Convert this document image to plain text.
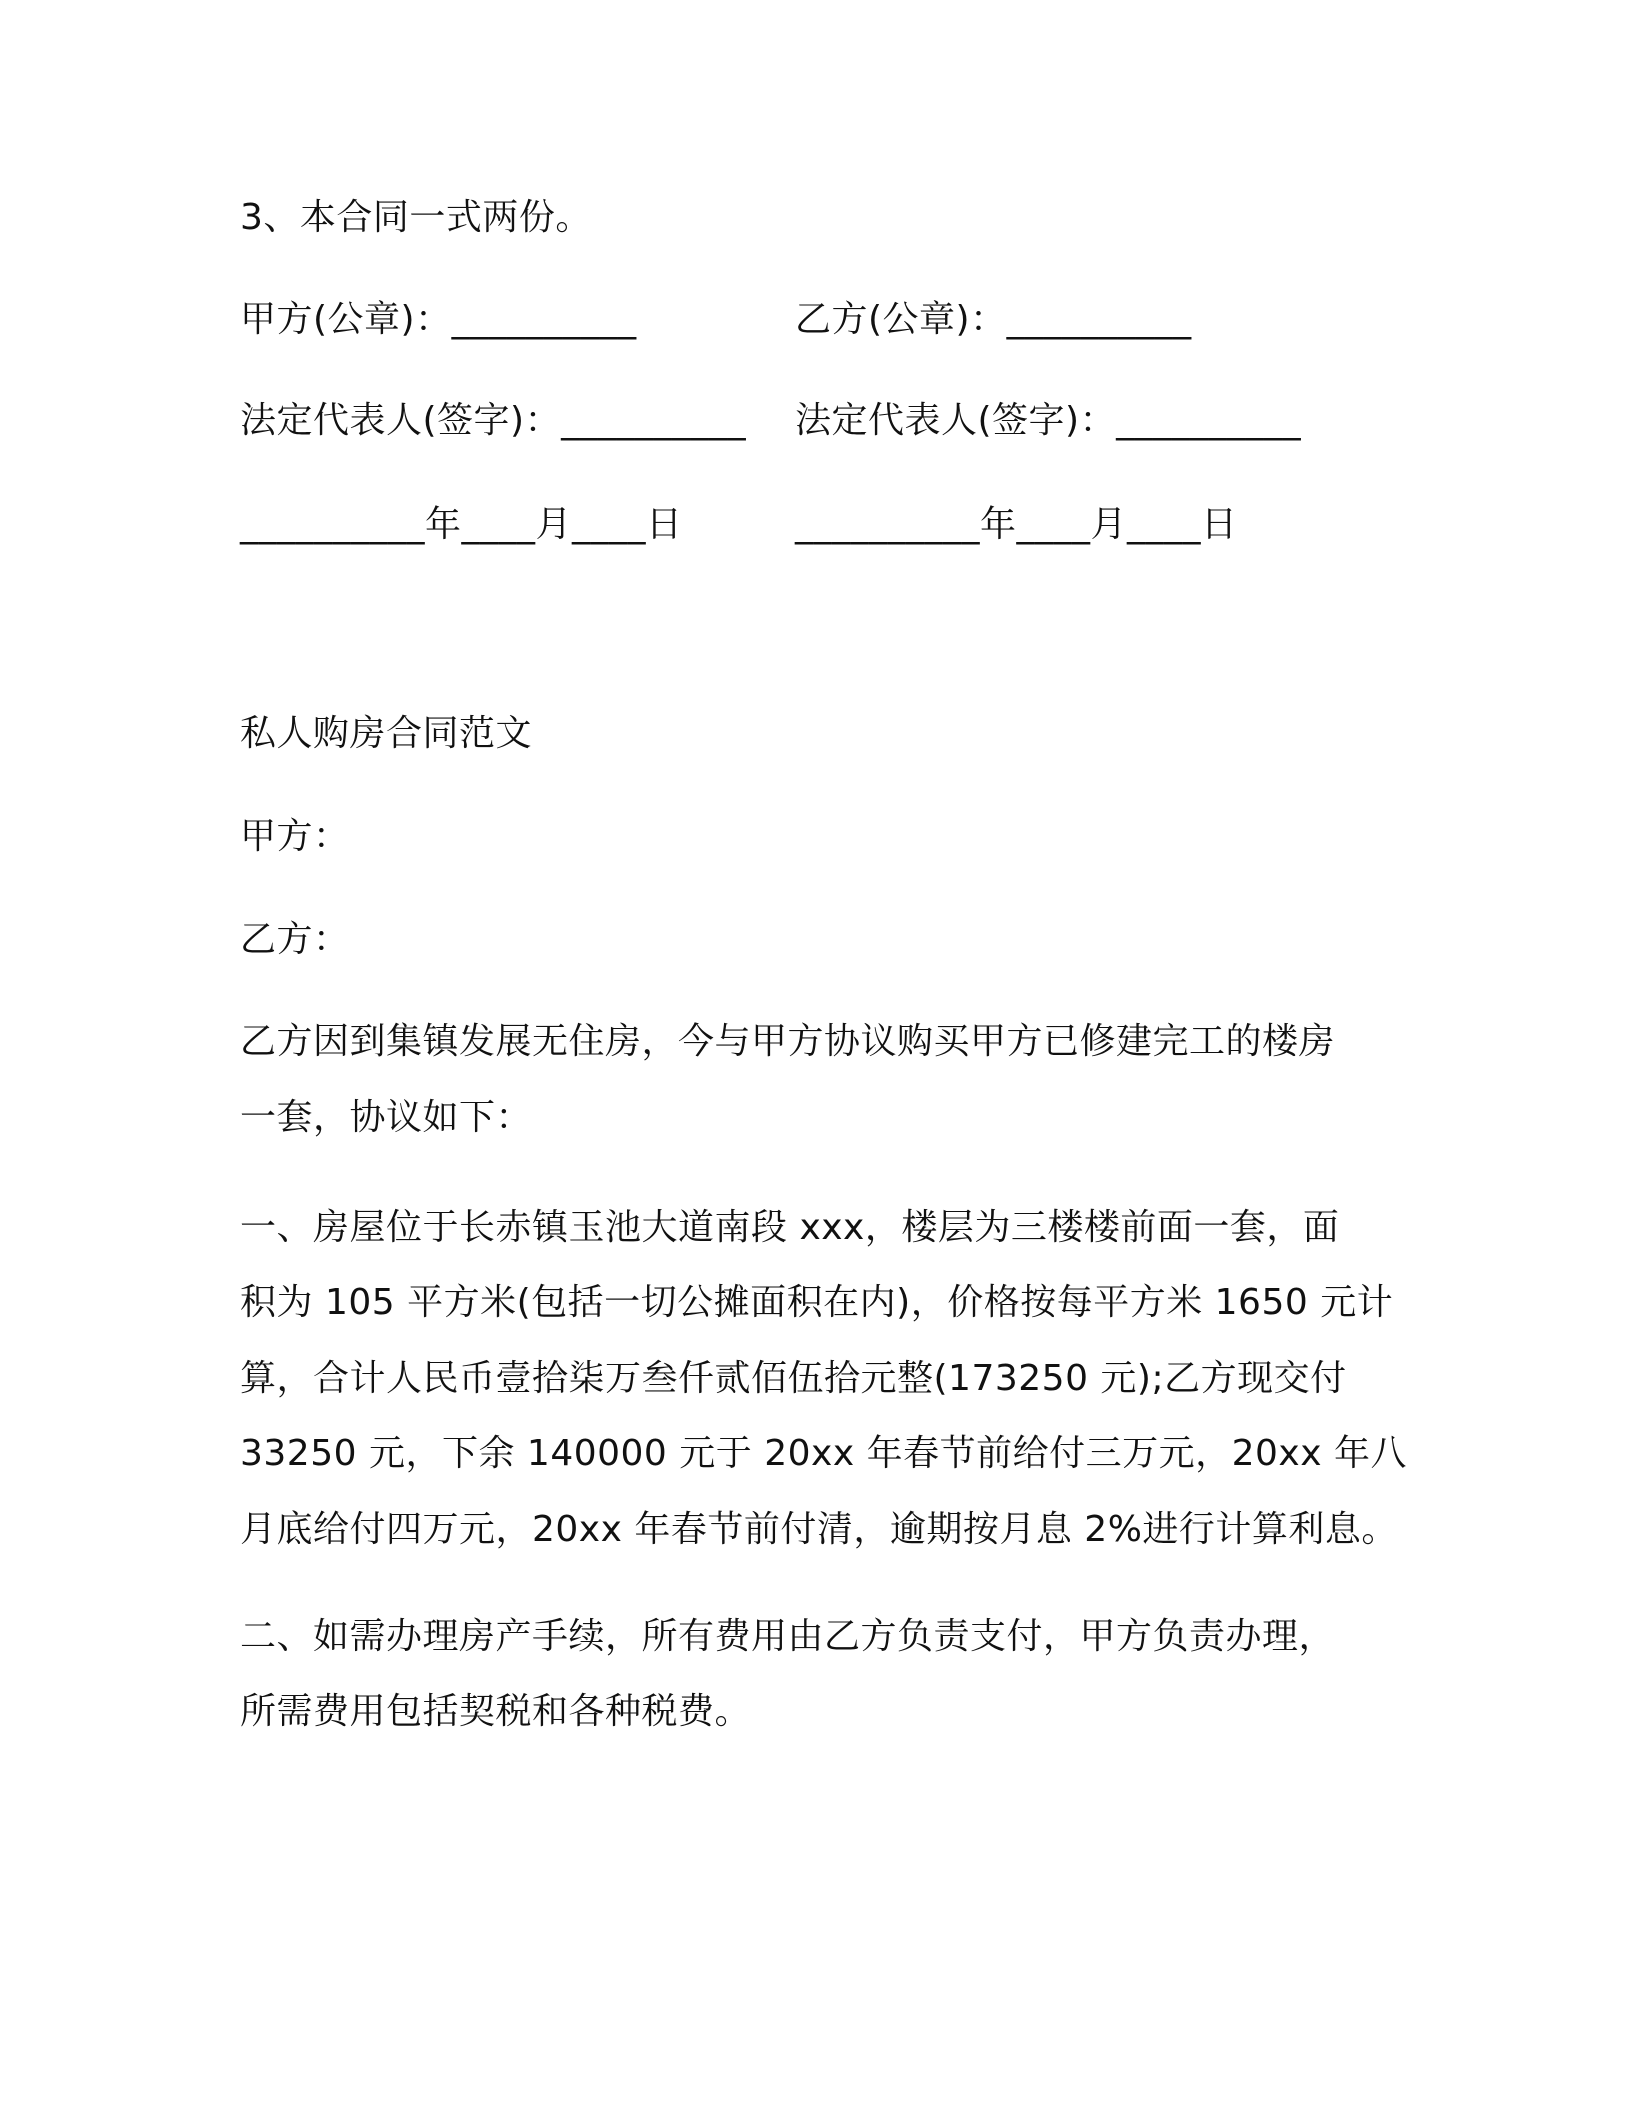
3、本合同一式两份。
甲方(公章)：__________	乙方(公章)：__________
法定代表人(签字)：__________ 法定代表人(签字)：__________
__________年____月____日	__________年____月____日
私人购房合同范文
甲方：
乙方：
乙方因到集镇发展无住房，今与甲方协议购买甲方已修建完工的楼房
一套，协议如下：
一、房屋位于长赤镇玉池大道南段 xxx，楼层为三楼楼前面一套，面
积为 105 平方米(包括一切公摊面积在内)，价格按每平方米 1650 元计
算，合计人民币壹拾柒万叁仟贰佰伍拾元整(173250 元);乙方现交付
33250 元，下余 140000 元于 20xx 年春节前给付三万元，20xx 年八
月底给付四万元，20xx 年春节前付清，逾期按月息 2%进行计算利息。
二、如需办理房产手续，所有费用由乙方负责支付，甲方负责办理，
所需费用包括契税和各种税费。
